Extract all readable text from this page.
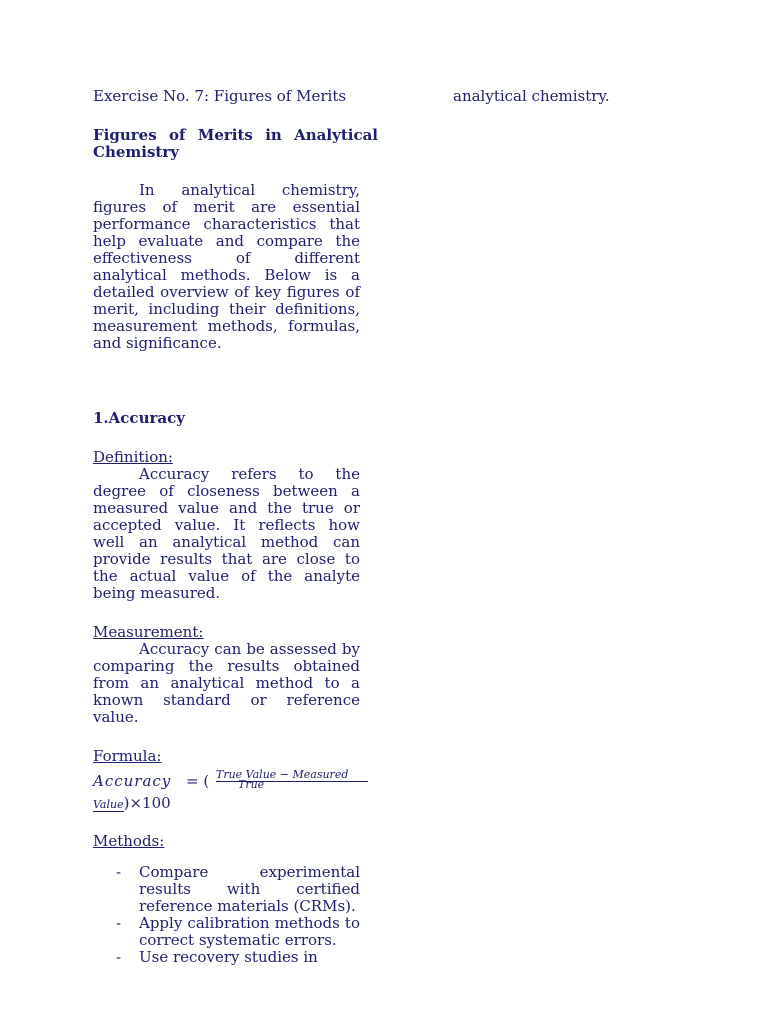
Exercise No. 7: Figures of Merits	analytical chemistry.

Figures of Merits in Analytical Chemistry

In analytical chemistry, figures of merit are essential performance characteristics that help evaluate and compare the effectiveness of different analytical methods. Below is a detailed overview of key figures of merit, including their definitions, measurement methods, formulas, and significance.

1.Accuracy
Definition:

Accuracy refers to the degree of closeness between a measured value and the true or accepted value. It reflects how well an analytical method can provide results that are close to the actual value of the analyte being measured.

Measurement:

Accuracy can be assessed by comparing the results obtained from an analytical method to a known standard or reference value.

Formula:
Accuracy = ( True Value − Measured
True
Value)×100
Methods:
- Compare experimental results with certified reference materials (CRMs).
- Apply calibration methods to correct systematic errors.
- Use recovery studies in
